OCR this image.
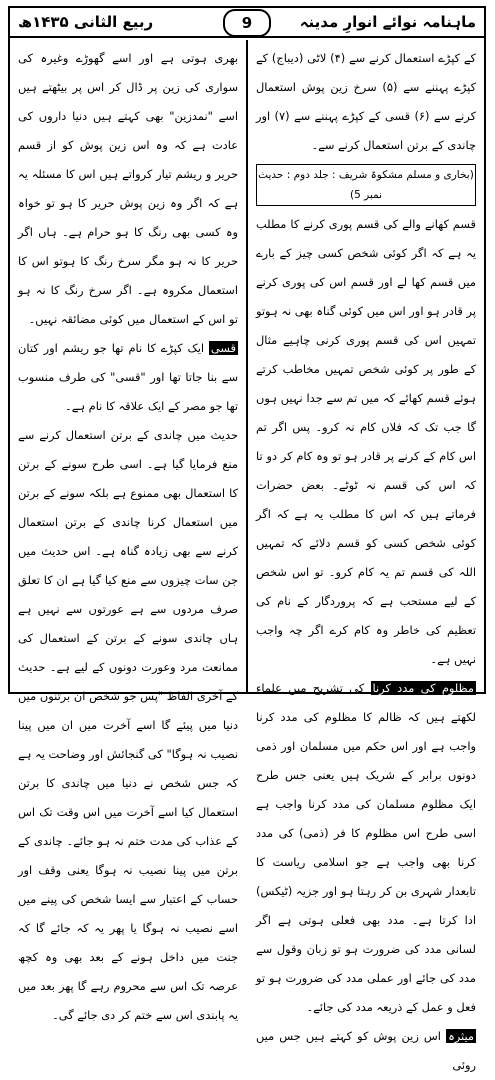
ماہنامہ نوائے انوارِ مدینہ
9
ربیع الثانی ۱۴۳۵ھ

کے کپڑے استعمال کرنے سے (۴) لاٹی (دیباج) کے کپڑے پہننے سے (۵) سرخ زین پوش استعمال کرنے سے (۶) قسی کے کپڑے پہننے سے (۷) اور چاندی کے برتن استعمال کرنے سے۔

(بخاری و مسلم مشکوۃ شریف : جلد دوم : حدیث نمبر 5)

قسم کھانے والے کی قسم پوری کرنے کا مطلب یہ ہے کہ اگر کوئی شخص کسی چیز کے بارے میں قسم کھا لے اور قسم اس کی پوری کرنے پر قادر ہو اور اس میں کوئی گناہ بھی نہ ہوتو تمہیں اس کی قسم پوری کرنی چاہیے مثال کے طور پر کوئی شخص تمہیں مخاطب کرتے ہوئے قسم کھائے کہ میں تم سے جدا نہیں ہوں گا جب تک کہ فلاں کام نہ کرو۔ پس اگر تم اس کام کے کرنے پر قادر ہو تو وہ کام کر دو تا کہ اس کی قسم نہ ٹوٹے۔ بعض حضرات فرماتے ہیں کہ اس کا مطلب یہ ہے کہ اگر کوئی شخص کسی کو قسم دلائے کہ تمہیں اللہ کی قسم تم یہ کام کرو۔ تو اس شخص کے لیے مستحب ہے کہ پروردگار کے نام کی تعظیم کی خاطر وہ کام کرے اگر چہ واجب نہیں ہے۔

مظلوم کی مدد کرنا کی تشریح میں علماء لکھتے ہیں کہ ظالم کا مظلوم کی مدد کرنا واجب ہے اور اس حکم میں مسلمان اور ذمی دونوں برابر کے شریک ہیں یعنی جس طرح ایک مظلوم مسلمان کی مدد کرنا واجب ہے اسی طرح اس مظلوم کا فر (ذمی) کی مدد کرنا بھی واجب ہے جو اسلامی ریاست کا تابعدار شہری بن کر رہتا ہو اور جزیہ (ٹیکس) ادا کرتا ہے۔ مدد بھی فعلی ہوتی ہے اگر لسانی مدد کی ضرورت ہو تو زبان وقول سے مدد کی جائے اور عملی مدد کی ضرورت ہو تو فعل و عمل کے ذریعہ مدد کی جائے۔

میثرہ اس زین پوش کو کہتے ہیں جس میں روئی

بھری ہوتی ہے اور اسے گھوڑے وغیرہ کی سواری کی زین پر ڈال کر اس پر بیٹھتے ہیں اسے "نمدزین" بھی کہتے ہیں دنیا داروں کی عادت ہے کہ وہ اس زین پوش کو از قسم حریر و ریشم تیار کرواتے ہیں اس کا مسئلہ یہ ہے کہ اگر وہ زین پوش حریر کا ہو تو خواہ وہ کسی بھی رنگ کا ہو حرام ہے۔ ہاں اگر حریر کا نہ ہو مگر سرخ رنگ کا ہوتو اس کا استعمال مکروہ ہے۔ اگر سرخ رنگ کا نہ ہو تو اس کے استعمال میں کوئی مضائقہ نہیں۔

قسی ایک کپڑے کا نام تھا جو ریشم اور کتان سے بنا جاتا تھا اور "قسی" کی طرف منسوب تھا جو مصر کے ایک علاقہ کا نام ہے۔

حدیث میں چاندی کے برتن استعمال کرنے سے منع فرمایا گیا ہے۔ اسی طرح سونے کے برتن کا استعمال بھی ممنوع ہے بلکہ سونے کے برتن میں استعمال کرنا چاندی کے برتن استعمال کرنے سے بھی زیادہ گناہ ہے۔ اس حدیث میں جن سات چیزوں سے منع کیا گیا ہے ان کا تعلق صرف مردوں سے ہے عورتوں سے نہیں ہے ہاں چاندی سونے کے برتن کے استعمال کی ممانعت مرد وعورت دونوں کے لیے ہے۔ حدیث کے آخری الفاظ "پس جو شخص ان برتنوں میں دنیا میں پیئے گا اسے آخرت میں ان میں پینا نصیب نہ ہوگا" کی گنجائش اور وضاحت یہ ہے کہ جس شخص نے دنیا میں چاندی کا برتن استعمال کیا اسے آخرت میں اس وقت تک اس کے عذاب کی مدت ختم نہ ہو جائے۔ چاندی کے برتن میں پینا نصیب نہ ہوگا یعنی وقف اور حساب کے اعتبار سے ایسا شخص کی پینے میں اسے نصیب نہ ہوگا یا پھر یہ کہ جائے گا کہ جنت میں داخل ہونے کے بعد بھی وہ کچھ عرصہ تک اس سے محروم رہے گا پھر بعد میں یہ پابندی اس سے ختم کر دی جائے گی۔
